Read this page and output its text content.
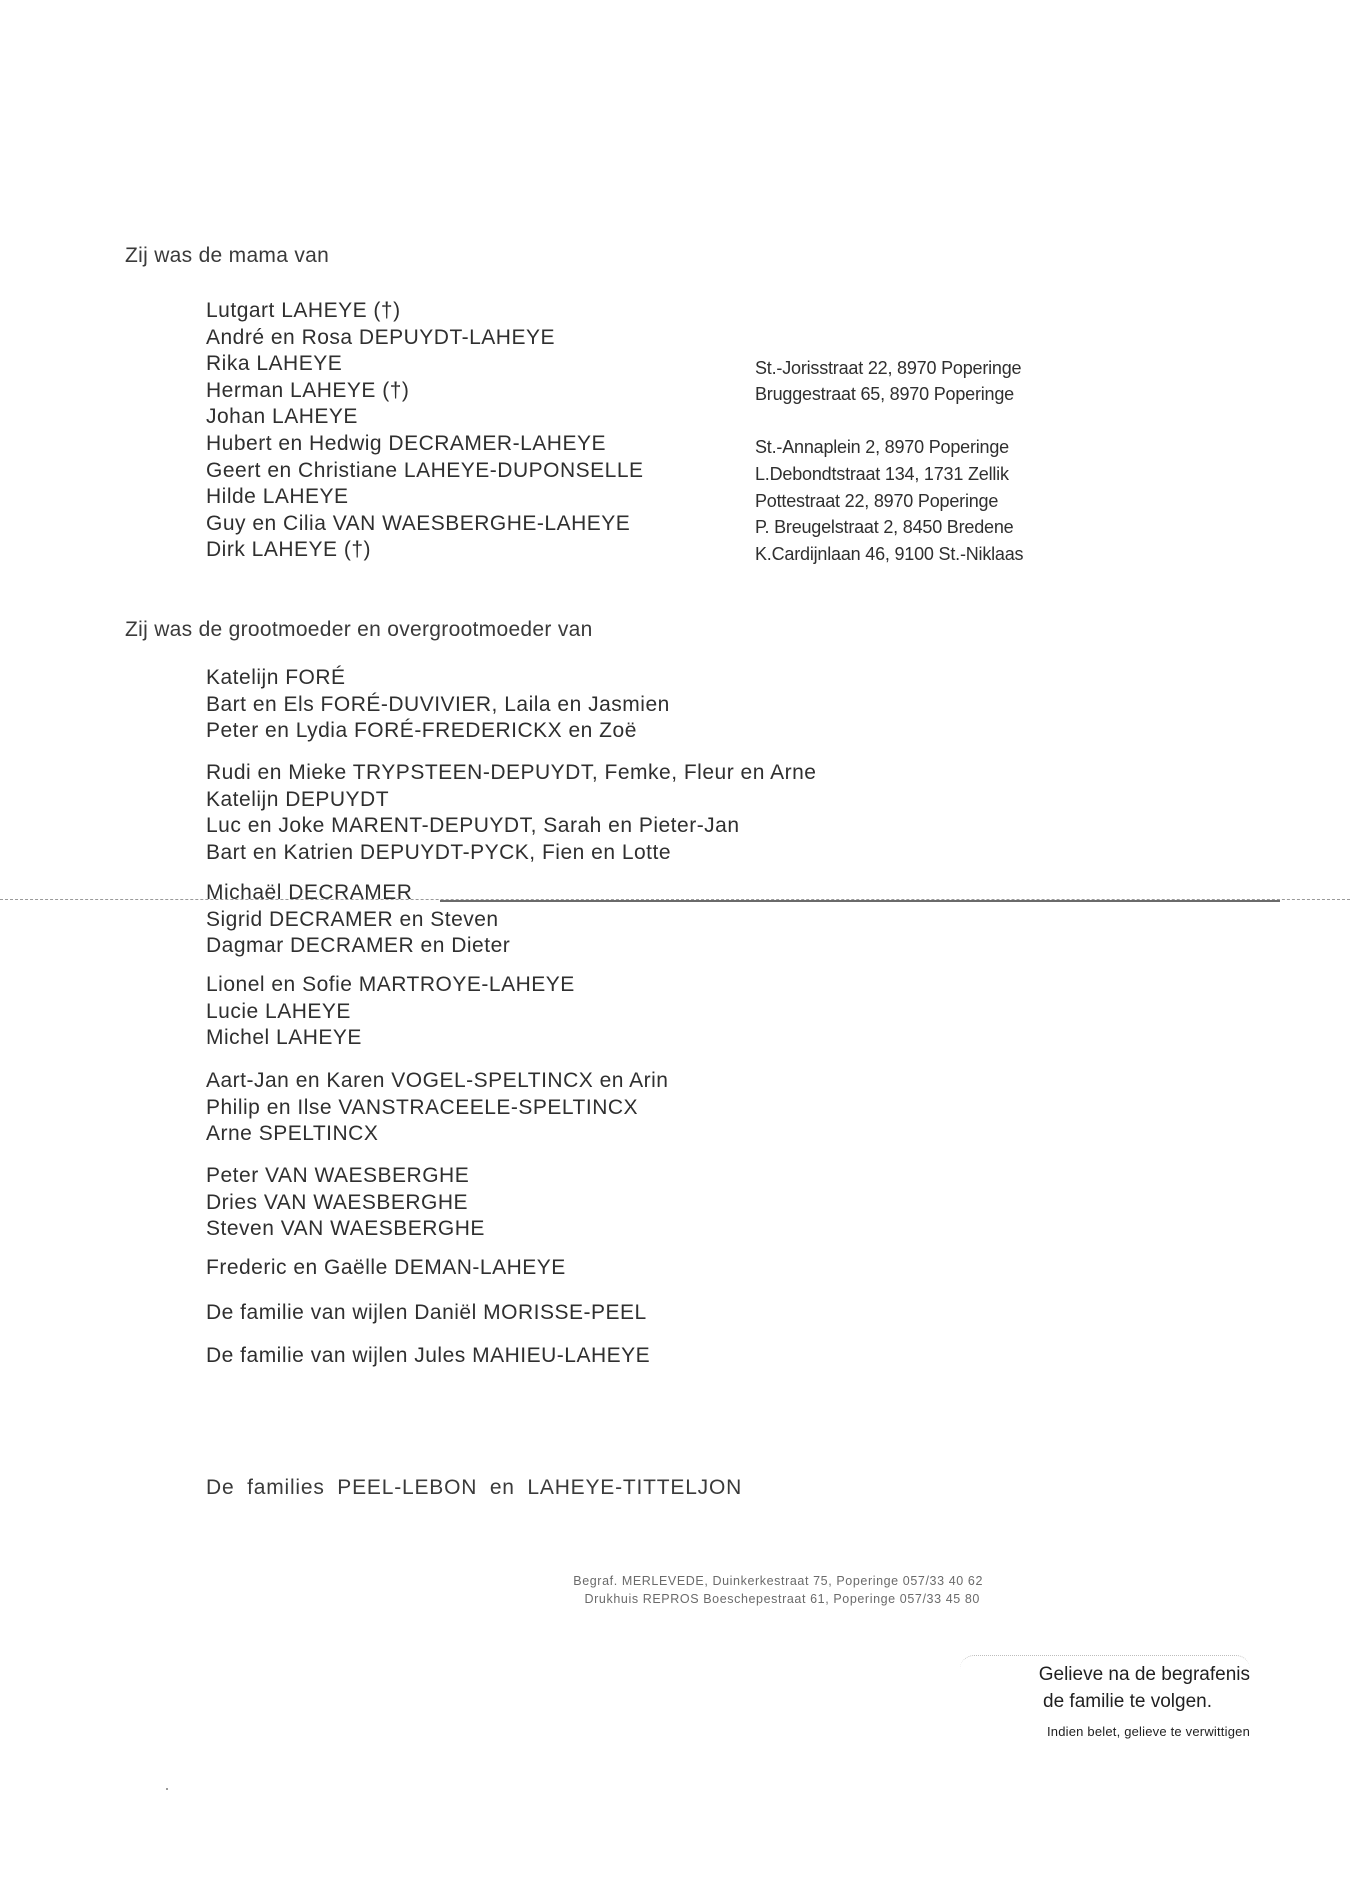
Zij was de mama van
Lutgart LAHEYE (†)
André en Rosa DEPUYDT-LAHEYE
Rika LAHEYE
Herman LAHEYE (†)
Johan LAHEYE
Hubert en Hedwig DECRAMER-LAHEYE
Geert en Christiane LAHEYE-DUPONSELLE
Hilde LAHEYE
Guy en Cilia VAN WAESBERGHE-LAHEYE
Dirk LAHEYE (†)
St.-Jorisstraat 22, 8970 Poperinge
Bruggestraat 65, 8970 Poperinge
St.-Annaplein 2, 8970 Poperinge
L.Debondtstraat 134, 1731 Zellik
Pottestraat 22, 8970 Poperinge
P. Breugelstraat 2, 8450 Bredene
K.Cardijnlaan 46, 9100 St.-Niklaas
Zij was de grootmoeder en overgrootmoeder van
Katelijn FORÉ
Bart en Els FORÉ-DUVIVIER, Laila en Jasmien
Peter en Lydia FORÉ-FREDERICKX en Zoë
Rudi en Mieke TRYPSTEEN-DEPUYDT, Femke, Fleur en Arne
Katelijn DEPUYDT
Luc en Joke MARENT-DEPUYDT, Sarah en Pieter-Jan
Bart en Katrien DEPUYDT-PYCK, Fien en Lotte
Michaël DECRAMER
Sigrid DECRAMER en Steven
Dagmar DECRAMER en Dieter
Lionel en Sofie MARTROYE-LAHEYE
Lucie LAHEYE
Michel LAHEYE
Aart-Jan en Karen VOGEL-SPELTINCX en Arin
Philip en Ilse VANSTRACEELE-SPELTINCX
Arne SPELTINCX
Peter VAN WAESBERGHE
Dries VAN WAESBERGHE
Steven VAN WAESBERGHE
Frederic en Gaëlle DEMAN-LAHEYE
De familie van wijlen Daniël MORISSE-PEEL
De familie van wijlen Jules MAHIEU-LAHEYE
De families PEEL-LEBON en LAHEYE-TITTELJON
Begraf. MERLEVEDE, Duinkerkestraat 75, Poperinge 057/33 40 62
Drukhuis REPROS Boeschepestraat 61, Poperinge 057/33 45 80
Gelieve na de begrafenis
de familie te volgen.
Indien belet, gelieve te verwittigen
